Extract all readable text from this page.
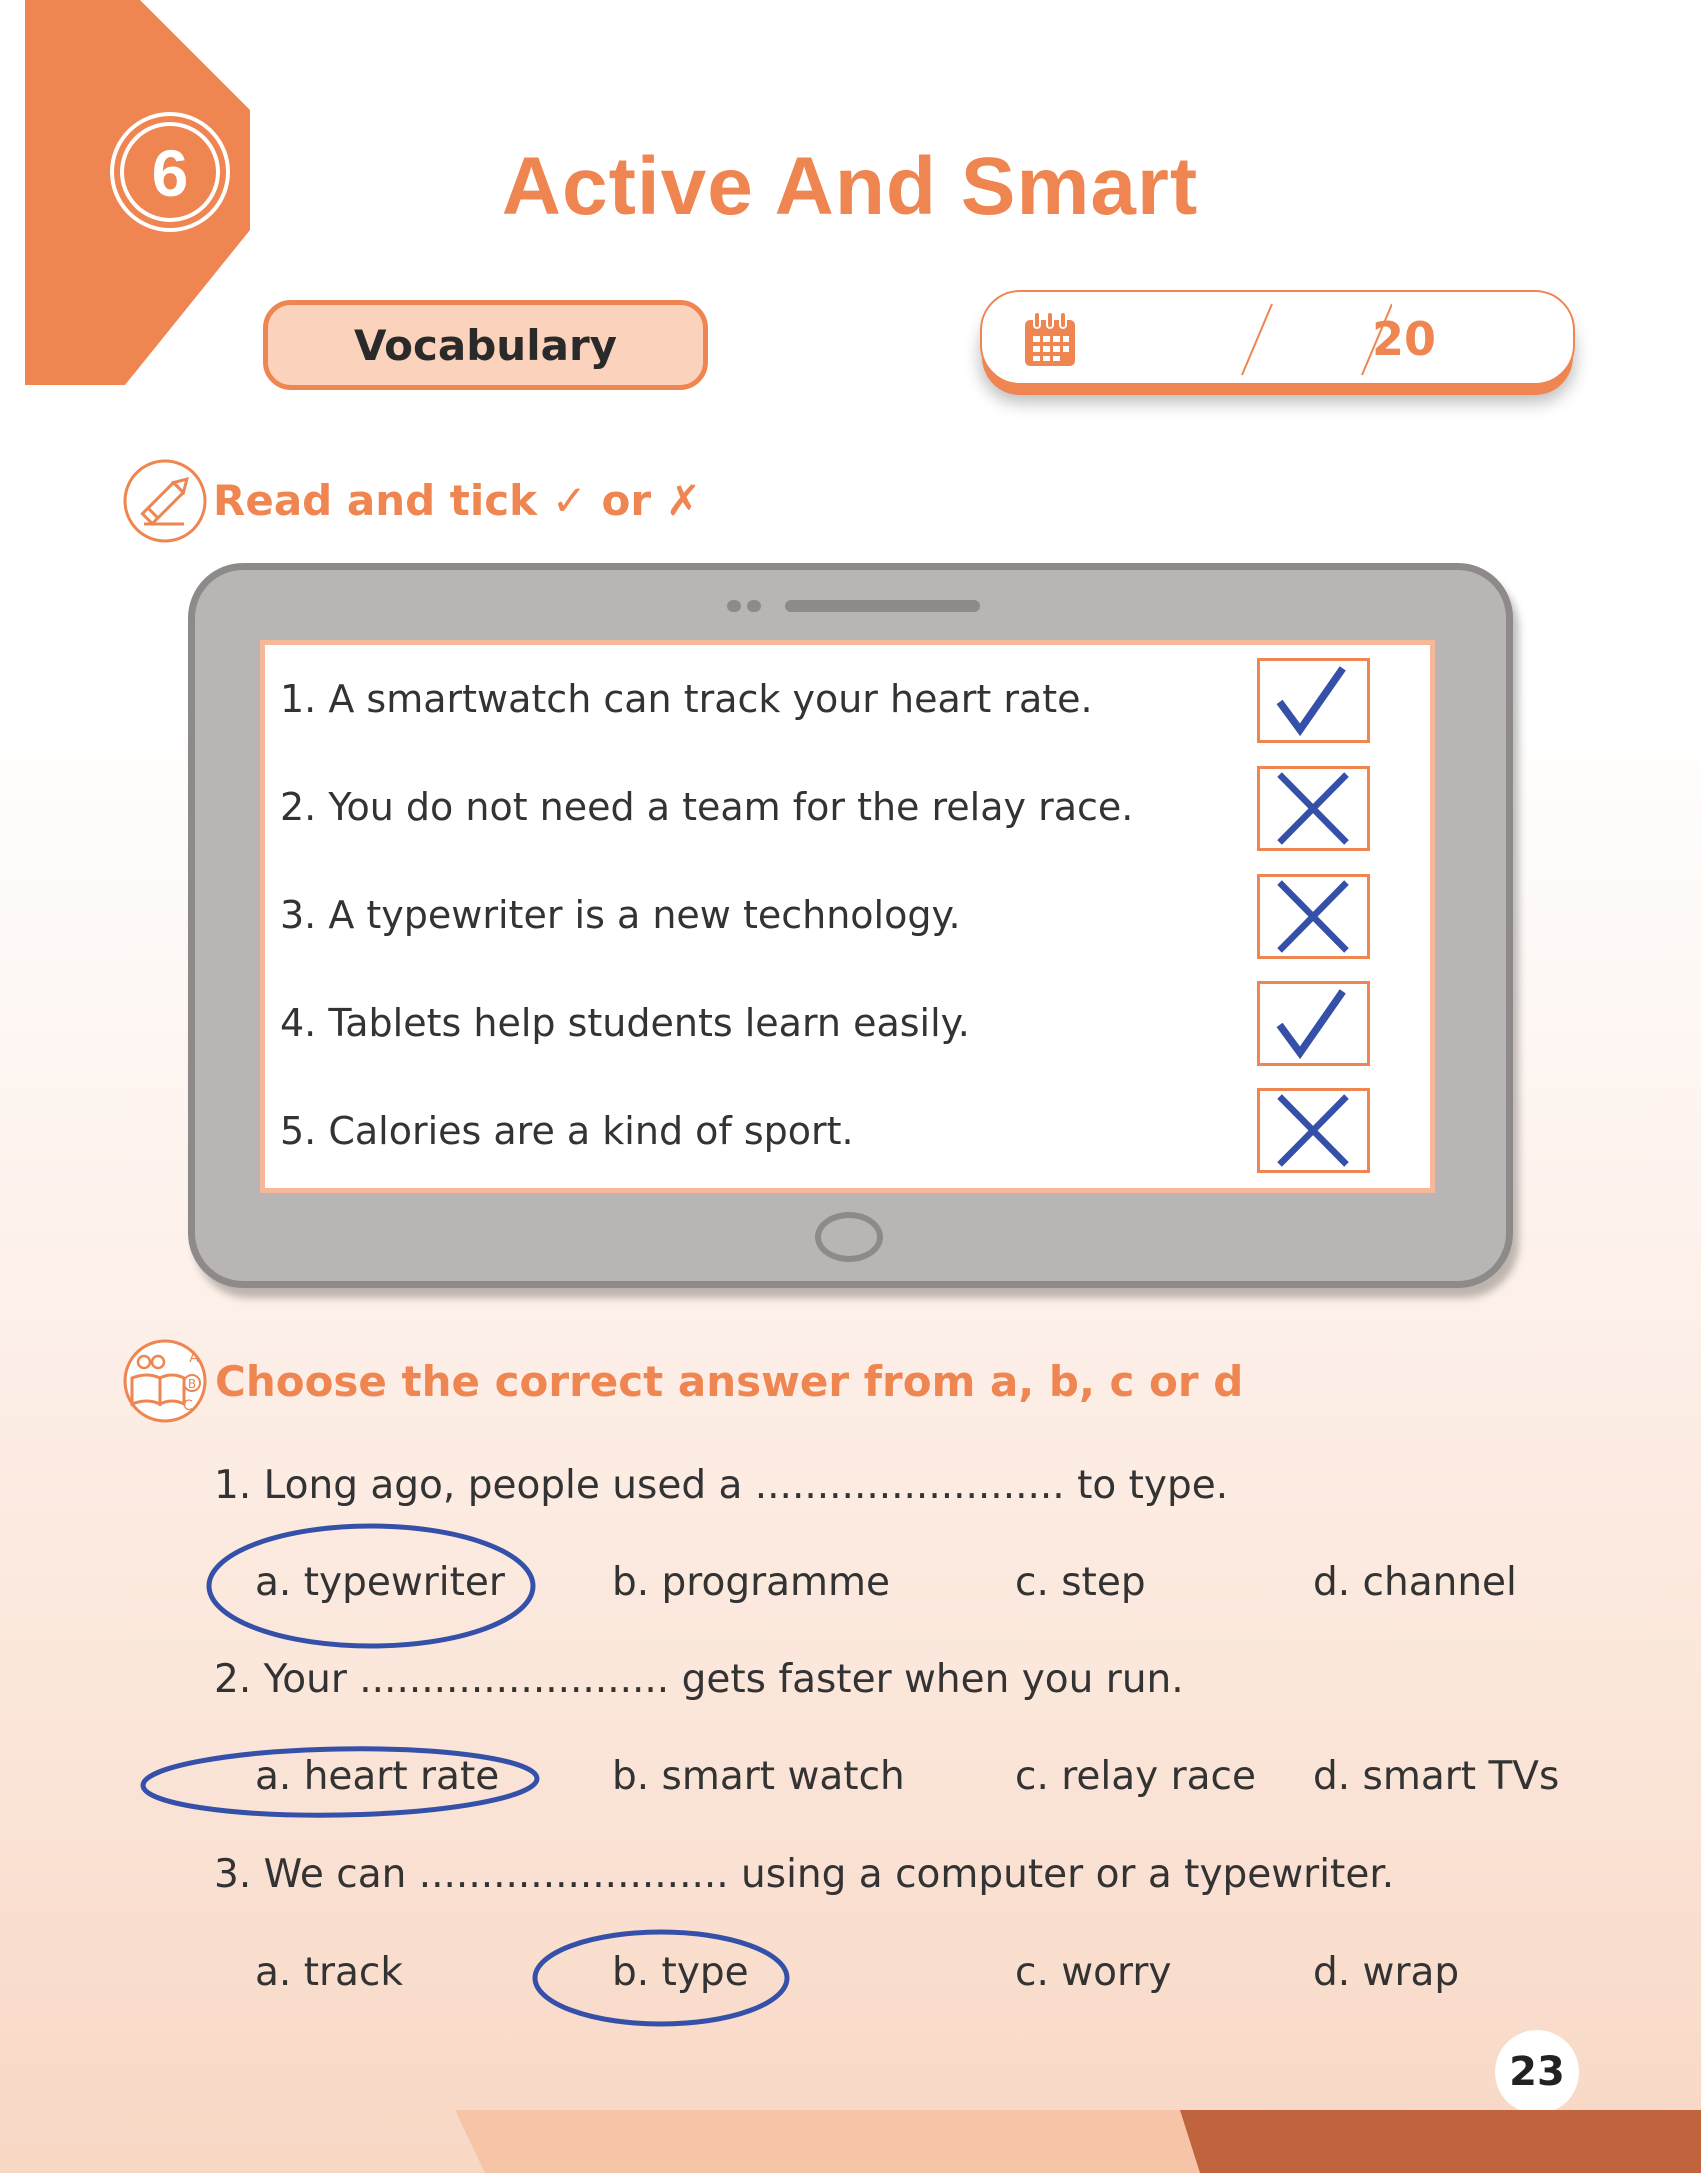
6	Active And Smart
Vocabulary	20
Read and tick ✓ or ✗
1. A smartwatch can track your heart rate.
2. You do not need a team for the relay race.
3. A typewriter is a new technology.
4. Tablets help students learn easily.
5. Calories are a kind of sport.
A
B
C Choose the correct answer from a, b, c or d
1. Long ago, people used a ......................... to type.
a. typewriter	b. programme	c. step	d. channel
2. Your ......................... gets faster when you run.
a. heart rate	b. smart watch	c. relay race d. smart TVs
3. We can ......................... using a computer or a typewriter.
a. track	b. type	c. worry	d. wrap
23
